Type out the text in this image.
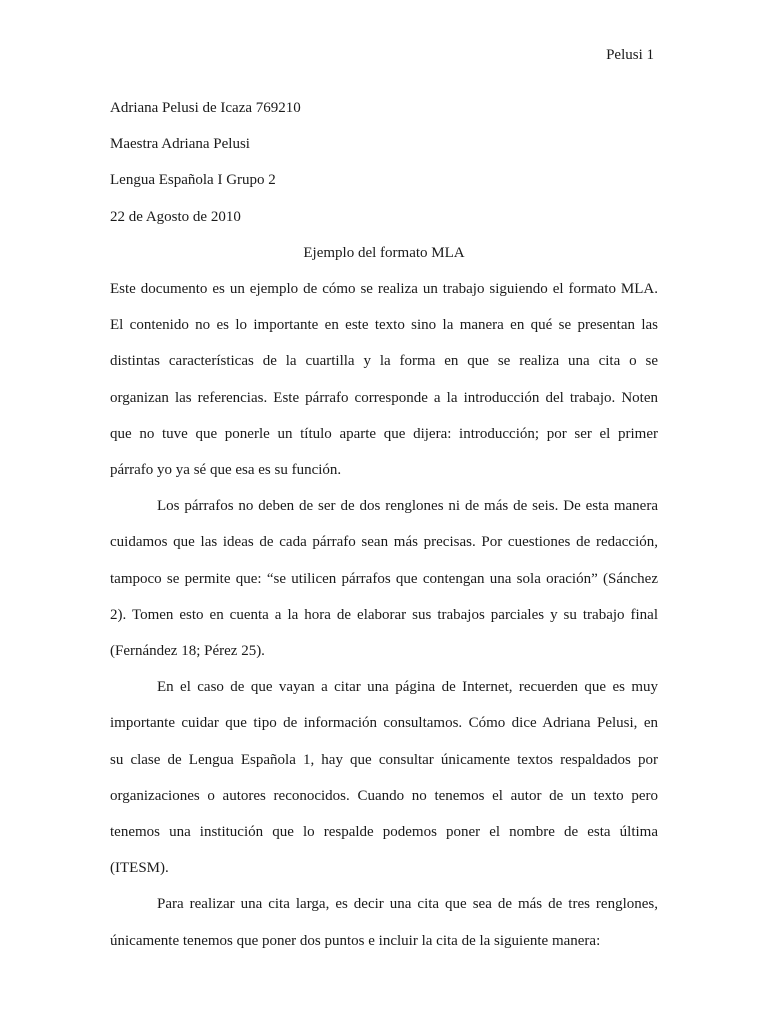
Pelusi 1
Adriana Pelusi de Icaza 769210
Maestra Adriana Pelusi
Lengua Española I Grupo 2
22 de Agosto de 2010
Ejemplo del formato MLA
Este documento es un ejemplo de cómo se realiza un trabajo siguiendo el formato MLA.
El contenido no es lo importante en este texto sino la manera en qué se presentan las
distintas características de la cuartilla y la forma en que se realiza una cita o se
organizan las referencias. Este párrafo corresponde a la introducción del trabajo. Noten
que no tuve que ponerle un título aparte que dijera: introducción; por ser el primer
párrafo yo ya sé que esa es su función.
Los párrafos no deben de ser de dos renglones ni de más de seis. De esta manera
cuidamos que las ideas de cada párrafo sean más precisas. Por cuestiones de redacción,
tampoco se permite que: “se utilicen párrafos que contengan una sola oración” (Sánchez
2). Tomen esto en cuenta a la hora de elaborar sus trabajos parciales y su trabajo final
(Fernández 18; Pérez 25).
En el caso de que vayan a citar una página de Internet, recuerden que es muy
importante cuidar que tipo de información consultamos. Cómo dice Adriana Pelusi, en
su clase de Lengua Española 1, hay que consultar únicamente textos respaldados por
organizaciones o autores reconocidos. Cuando no tenemos el autor de un texto pero
tenemos una institución que lo respalde podemos poner el nombre de esta última
(ITESM).
Para realizar una cita larga, es decir una cita que sea de más de tres renglones,
únicamente tenemos que poner dos puntos e incluir la cita de la siguiente manera:
